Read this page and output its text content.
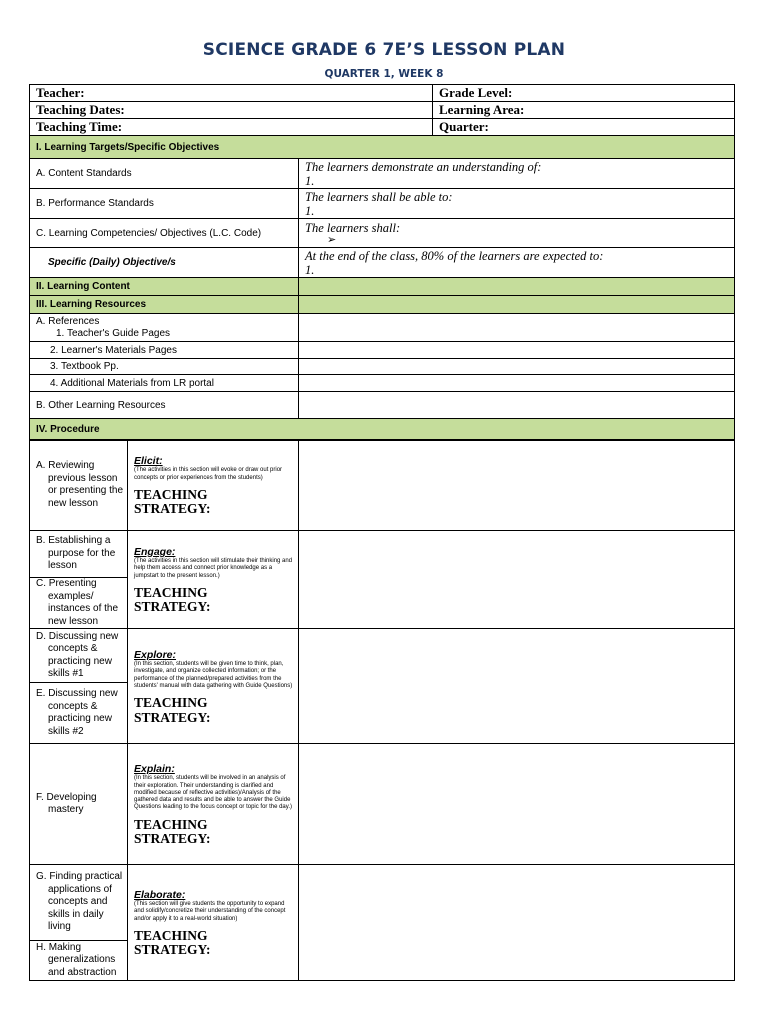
SCIENCE GRADE 6 7E’S LESSON PLAN
QUARTER 1, WEEK 8
Teacher:	Grade Level:
Teaching Dates:	Learning Area:
Teaching Time:	Quarter:
I. Learning Targets/Specific Objectives	
A. Content Standards	The learners demonstrate an understanding of:
1.

B. Performance Standards	The learners shall be able to:
1.

C. Learning Competencies/ Objectives (L.C. Code)	The learners shall:
➢

Specific (Daily) Objective/s	At the end of the class, 80% of the learners are expected to:
1.

II. Learning Content	
III. Learning Resources	

A. References
1. Teacher's Guide Pages	

2. Learner's Materials Pages	
3. Textbook Pp.	
4. Additional Materials from LR portal	
B. Other Learning Resources	
IV. Procedure	
A. Reviewing previous lesson or presenting the new lesson	Elicit:
(The activities in this section will evoke or draw out prior concepts or prior experiences from the students)
TEACHING
STRATEGY:	

B. Establishing a purpose for the lesson	Engage:
(The activities in this section will stimulate their thinking and help them access and connect prior knowledge as a jumpstart to the present lesson.)
TEACHING
STRATEGY:	

C. Presenting examples/ instances of the new lesson		

D. Discussing new concepts & practicing new skills #1	Explore:
(In this section, students will be given time to think, plan, investigate, and organize collected information; or the performance of the planned/prepared activities from the students' manual with data gathering with Guide Questions)
TEACHING
STRATEGY:	

E. Discussing new concepts & practicing new skills #2		

F. Developing mastery	Explain:
(In this section, students will be involved in an analysis of their exploration. Their understanding is clarified and modified because of reflective activities)/Analysis of the gathered data and results and be able to answer the Guide Questions leading to the focus concept or topic for the day.)
TEACHING
STRATEGY:	

G. Finding practical applications of concepts and skills in daily living	Elaborate:
(This section will give students the opportunity to expand and solidify/concretize their understanding of the concept and/or apply it to a real-world situation)
TEACHING
STRATEGY:	

H. Making generalizations and abstraction		
